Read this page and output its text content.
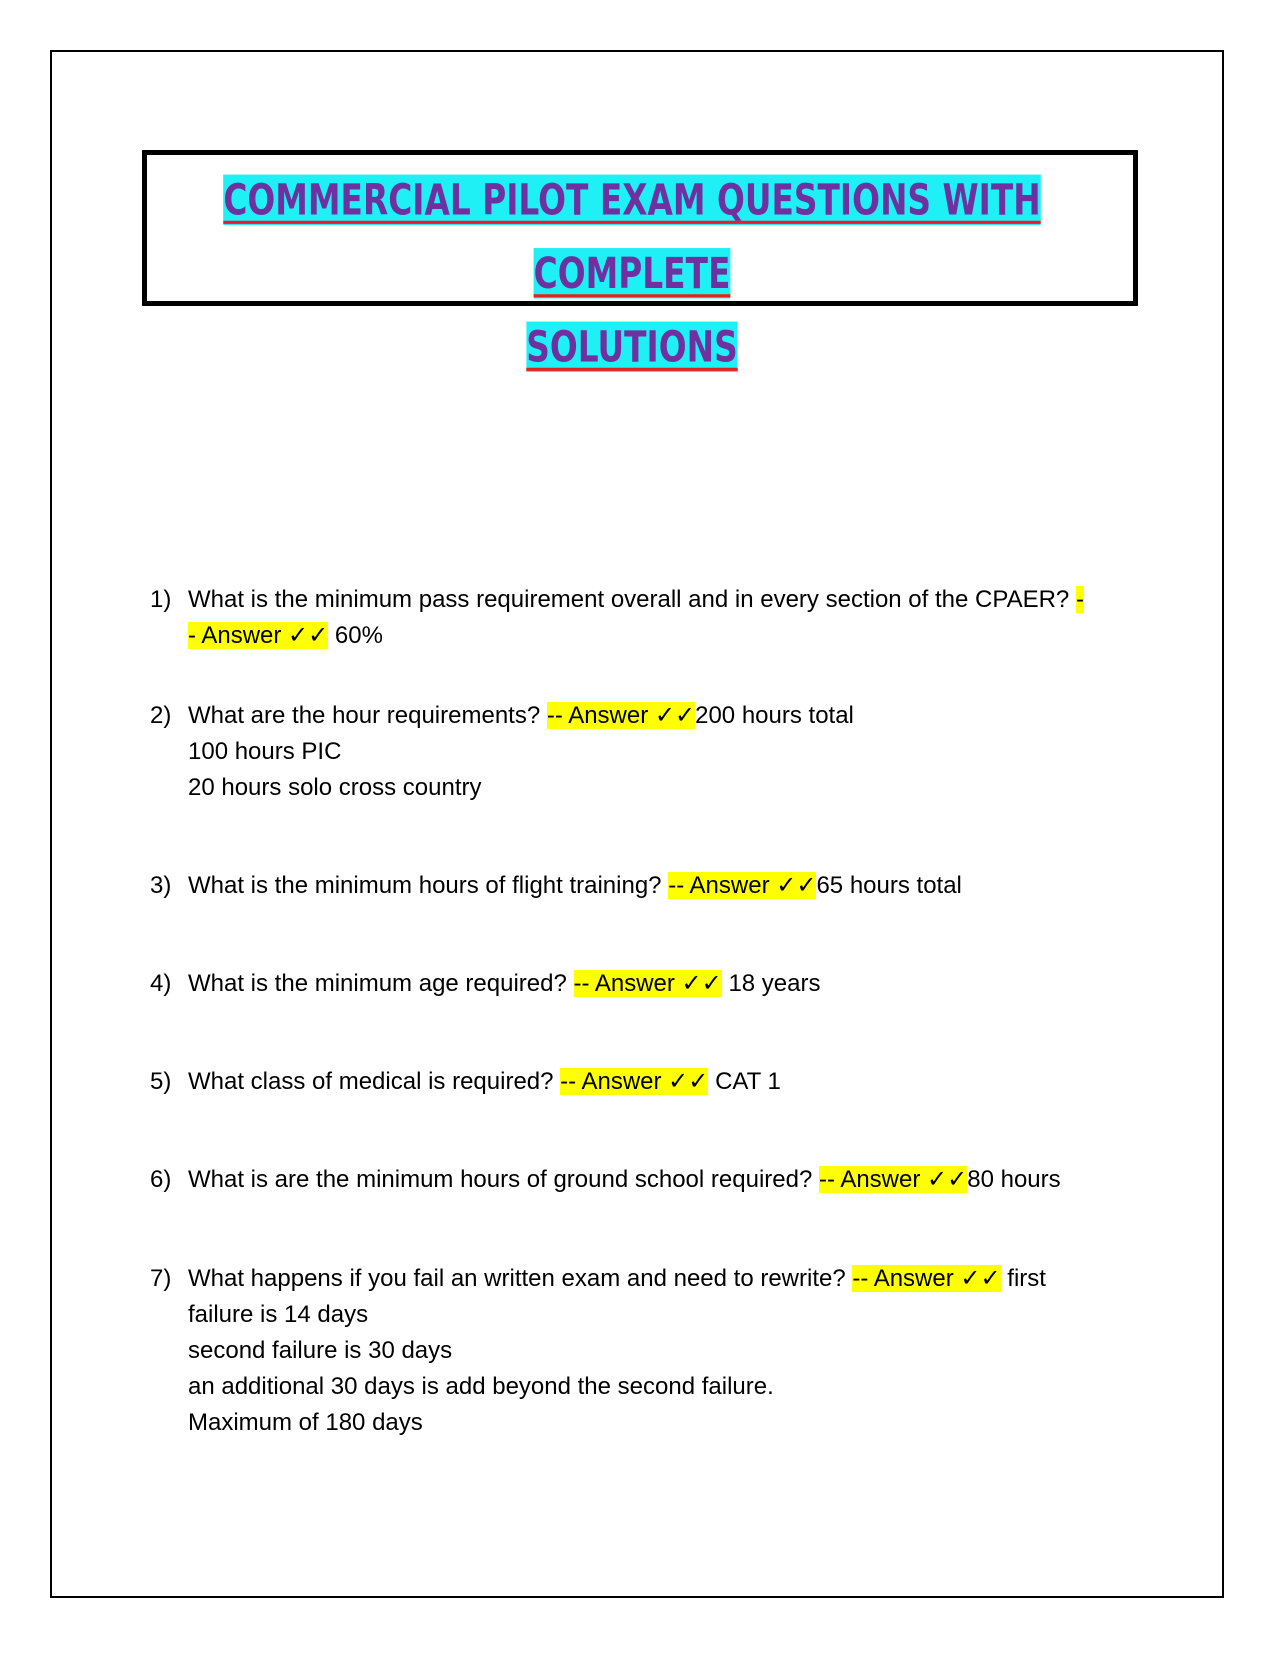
COMMERCIAL PILOT EXAM QUESTIONS WITH COMPLETE
SOLUTIONS
1) What is the minimum pass requirement overall and in every section of the CPAER? -
- Answer ✓✓ 60%
2) What are the hour requirements? -- Answer ✓✓200 hours total
100 hours PIC
20 hours solo cross country
3) What is the minimum hours of flight training? -- Answer ✓✓65 hours total
4) What is the minimum age required? -- Answer ✓✓ 18 years
5) What class of medical is required? -- Answer ✓✓ CAT 1
6) What is are the minimum hours of ground school required? -- Answer ✓✓80 hours
7) What happens if you fail an written exam and need to rewrite? -- Answer ✓✓ first
failure is 14 days
second failure is 30 days
an additional 30 days is add beyond the second failure.
Maximum of 180 days
